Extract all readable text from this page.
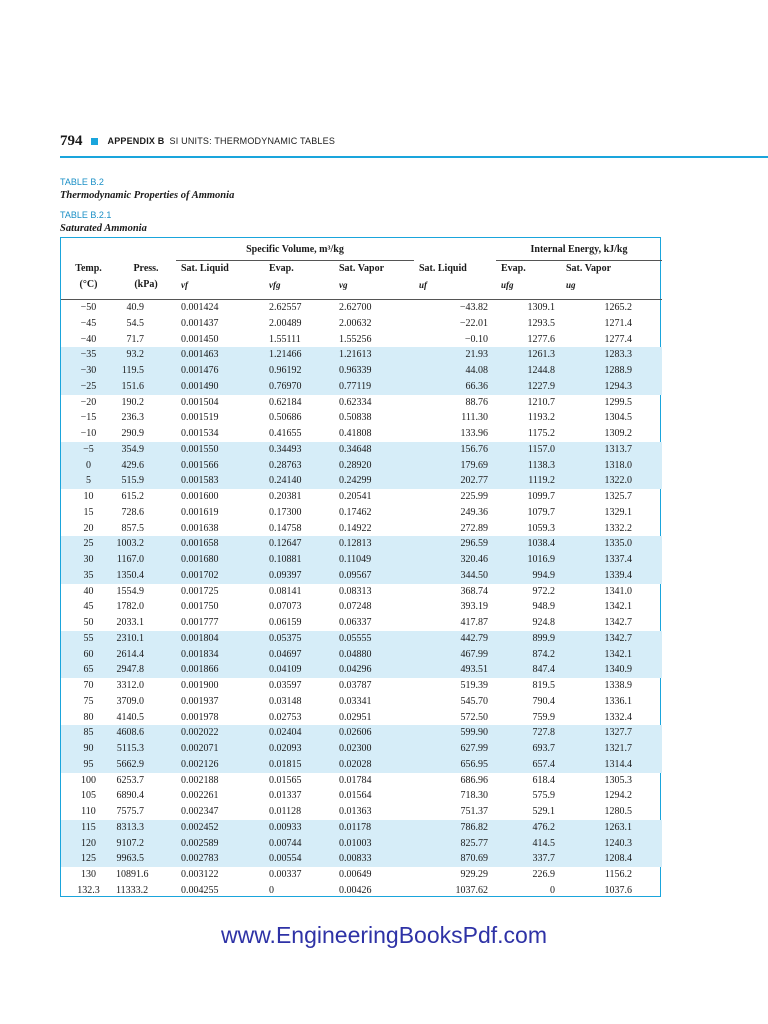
794	APPENDIX B SI UNITS: THERMODYNAMIC TABLES
TABLE B.2
Thermodynamic Properties of Ammonia
TABLE B.2.1
Saturated Ammonia
		Specific Volume, m³/kg				Internal Energy, kJ/kg	
Temp.	Press.	Sat. Liquid	Evap.	Sat. Vapor	Sat. Liquid	Evap.	Sat. Vapor
(°C)	(kPa)	vf	vfg	vg	uf	ufg	ug

−50	40.9	0.001424	2.62557	2.62700	−43.82	1309.1	1265.2
−45	54.5	0.001437	2.00489	2.00632	−22.01	1293.5	1271.4
−40	71.7	0.001450	1.55111	1.55256	−0.10	1277.6	1277.4
−35	93.2	0.001463	1.21466	1.21613	21.93	1261.3	1283.3
−30	119.5	0.001476	0.96192	0.96339	44.08	1244.8	1288.9
−25	151.6	0.001490	0.76970	0.77119	66.36	1227.9	1294.3
−20	190.2	0.001504	0.62184	0.62334	88.76	1210.7	1299.5
−15	236.3	0.001519	0.50686	0.50838	111.30	1193.2	1304.5
−10	290.9	0.001534	0.41655	0.41808	133.96	1175.2	1309.2
−5	354.9	0.001550	0.34493	0.34648	156.76	1157.0	1313.7
0	429.6	0.001566	0.28763	0.28920	179.69	1138.3	1318.0
5	515.9	0.001583	0.24140	0.24299	202.77	1119.2	1322.0
10	615.2	0.001600	0.20381	0.20541	225.99	1099.7	1325.7
15	728.6	0.001619	0.17300	0.17462	249.36	1079.7	1329.1
20	857.5	0.001638	0.14758	0.14922	272.89	1059.3	1332.2
25	1003.2	0.001658	0.12647	0.12813	296.59	1038.4	1335.0
30	1167.0	0.001680	0.10881	0.11049	320.46	1016.9	1337.4
35	1350.4	0.001702	0.09397	0.09567	344.50	994.9	1339.4
40	1554.9	0.001725	0.08141	0.08313	368.74	972.2	1341.0
45	1782.0	0.001750	0.07073	0.07248	393.19	948.9	1342.1
50	2033.1	0.001777	0.06159	0.06337	417.87	924.8	1342.7
55	2310.1	0.001804	0.05375	0.05555	442.79	899.9	1342.7
60	2614.4	0.001834	0.04697	0.04880	467.99	874.2	1342.1
65	2947.8	0.001866	0.04109	0.04296	493.51	847.4	1340.9
70	3312.0	0.001900	0.03597	0.03787	519.39	819.5	1338.9
75	3709.0	0.001937	0.03148	0.03341	545.70	790.4	1336.1
80	4140.5	0.001978	0.02753	0.02951	572.50	759.9	1332.4
85	4608.6	0.002022	0.02404	0.02606	599.90	727.8	1327.7
90	5115.3	0.002071	0.02093	0.02300	627.99	693.7	1321.7
95	5662.9	0.002126	0.01815	0.02028	656.95	657.4	1314.4
100	6253.7	0.002188	0.01565	0.01784	686.96	618.4	1305.3
105	6890.4	0.002261	0.01337	0.01564	718.30	575.9	1294.2
110	7575.7	0.002347	0.01128	0.01363	751.37	529.1	1280.5
115	8313.3	0.002452	0.00933	0.01178	786.82	476.2	1263.1
120	9107.2	0.002589	0.00744	0.01003	825.77	414.5	1240.3
125	9963.5	0.002783	0.00554	0.00833	870.69	337.7	1208.4
130	10891.6	0.003122	0.00337	0.00649	929.29	226.9	1156.2
132.3	11333.2	0.004255	0	0.00426	1037.62	0	1037.6
www.EngineeringBooksPdf.com
